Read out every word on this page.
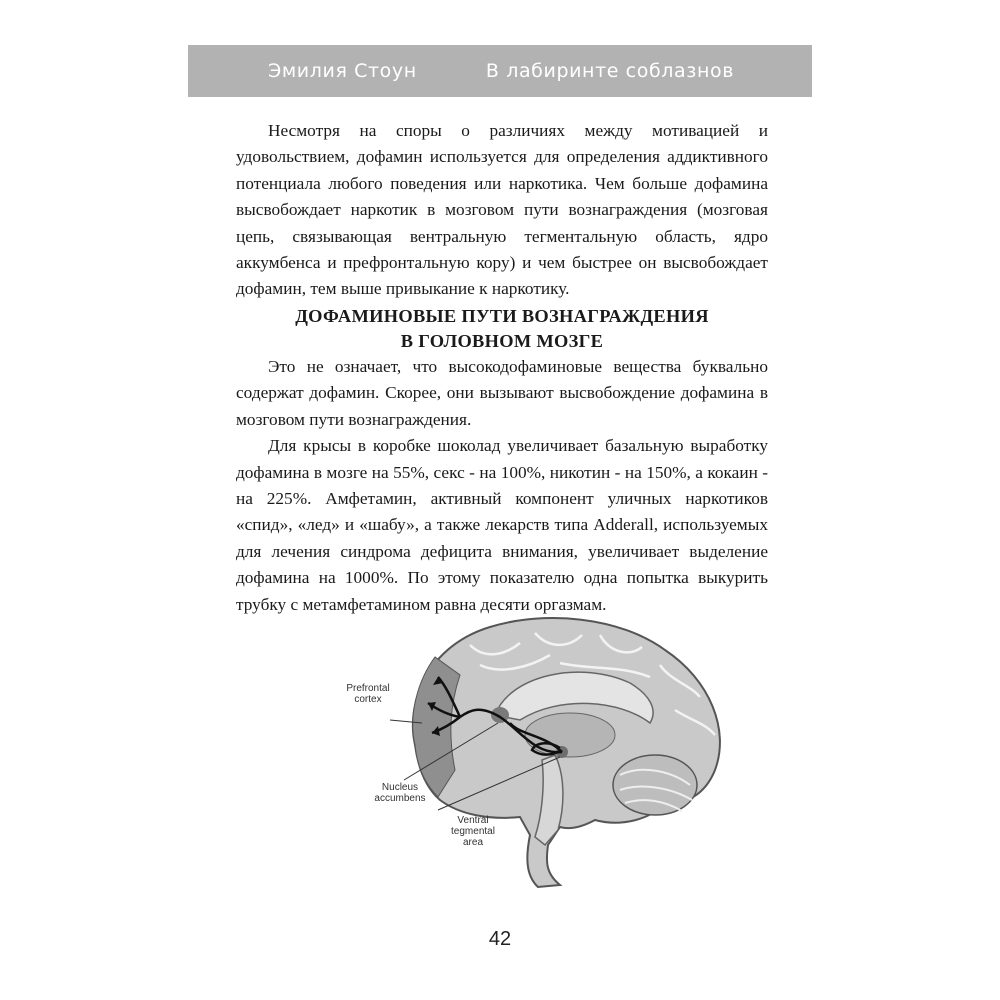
Эмилия Стоун	В лабиринте соблазнов

Несмотря на споры о различиях между мотивацией и удовольствием, дофамин используется для определения аддиктивного потенциала любого поведения или наркотика. Чем больше дофамина высвобождает наркотик в мозговом пути вознаграждения (мозговая цепь, связывающая вентральную тегментальную область, ядро аккумбенса и префронтальную кору) и чем быстрее он высвобождает дофамин, тем выше привыкание к наркотику.

ДОФАМИНОВЫЕ ПУТИ ВОЗНАГРАЖДЕНИЯ
В ГОЛОВНОМ МОЗГЕ

Это не означает, что высокодофаминовые вещества буквально содержат дофамин. Скорее, они вызывают высвобождение дофамина в мозговом пути вознаграждения.

Для крысы в коробке шоколад увеличивает базальную выработку дофамина в мозге на 55%, секс - на 100%, никотин - на 150%, а кокаин - на 225%. Амфетамин, активный компонент уличных наркотиков «спид», «лед» и «шабу», а также лекарств типа Adderall, используемых для лечения синдрома дефицита внимания, увеличивает выделение дофамина на 1000%. По этому показателю одна попытка выкурить трубку с метамфетамином равна десяти оргазмам.

Prefrontal
cortex
Nucleus
accumbens
Ventral
tegmental
area
42
